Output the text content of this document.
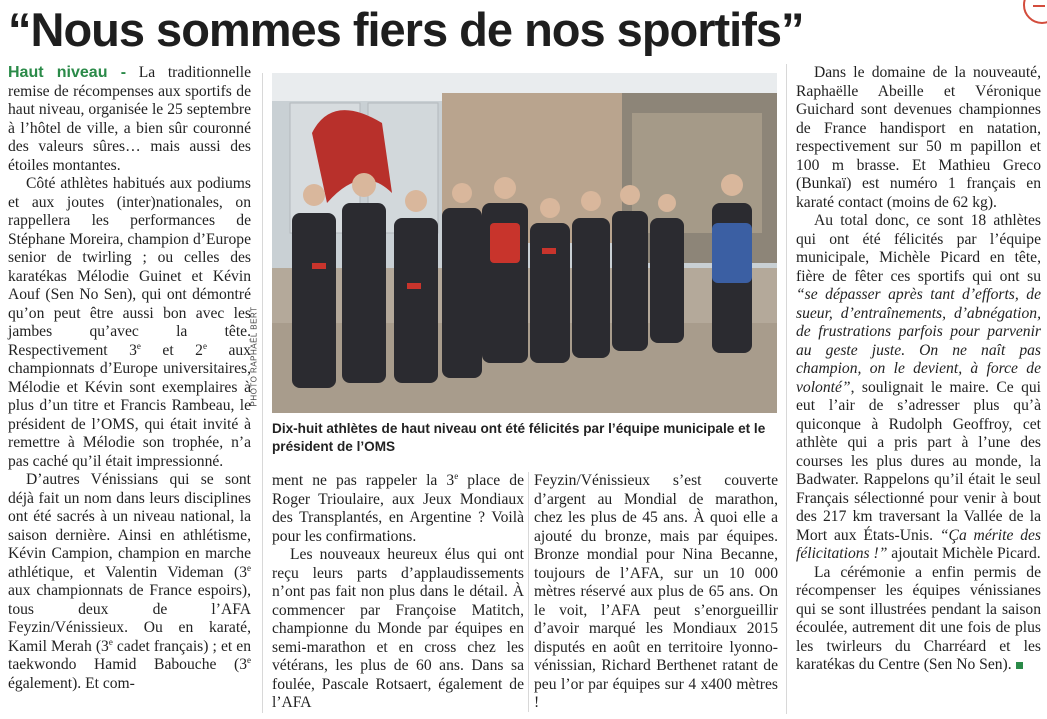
“Nous sommes fiers de nos sportifs”

Haut niveau - La traditionnelle remise de récompenses aux sportifs de haut niveau, organisée le 25 septembre à l’hôtel de ville, a bien sûr couronné des valeurs sûres… mais aussi des étoiles montantes.

Côté athlètes habitués aux podiums et aux joutes (inter)nationales, on rappellera les performances de Stéphane Moreira, champion d’Europe senior de twirling ; ou celles des karatékas Mélodie Guinet et Kévin Aouf (Sen No Sen), qui ont démontré qu’on peut être aussi bon avec les jambes qu’avec la tête. Respectivement 3e et 2e aux championnats d’Europe universitaires, Mélodie et Kévin sont exemplaires à plus d’un titre et Francis Rambeau, le président de l’OMS, qui était invité à remettre à Mélodie son trophée, n’a pas caché qu’il était impressionné.

D’autres Vénissians qui se sont déjà fait un nom dans leurs disciplines ont été sacrés à un niveau national, la saison dernière. Ainsi en athlétisme, Kévin Campion, champion en marche athlétique, et Valentin Videman (3e aux championnats de France espoirs), tous deux de l’AFA Feyzin/Vénissieux. Ou en karaté, Kamil Merah (3e cadet français) ; et en taekwondo Hamid Babouche (3e également). Et com-

PHOTO RAPHAËL BERT

Dix-huit athlètes de haut niveau ont été félicités par l’équipe municipale et le président de l’OMS

ment ne pas rappeler la 3e place de Roger Trioulaire, aux Jeux Mondiaux des Transplantés, en Argentine ? Voilà pour les confirmations.

Les nouveaux heureux élus qui ont reçu leurs parts d’applaudissements n’ont pas fait non plus dans le détail. À commencer par Françoise Matitch, championne du Monde par équipes en semi-marathon et en cross chez les vétérans, les plus de 60 ans. Dans sa foulée, Pascale Rotsaert, également de l’AFA

Feyzin/Vénissieux s’est couverte d’argent au Mondial de marathon, chez les plus de 45 ans. À quoi elle a ajouté du bronze, mais par équipes. Bronze mondial pour Nina Becanne, toujours de l’AFA, sur un 10 000 mètres réservé aux plus de 65 ans. On le voit, l’AFA peut s’enorgueillir d’avoir marqué les Mondiaux 2015 disputés en août en territoire lyonno-vénissian, Richard Berthenet ratant de peu l’or par équipes sur 4 x400 mètres !

Dans le domaine de la nouveauté, Raphaëlle Abeille et Véronique Guichard sont devenues championnes de France handisport en natation, respectivement sur 50 m papillon et 100 m brasse. Et Mathieu Greco (Bunkaï) est numéro 1 français en karaté contact (moins de 62 kg).

Au total donc, ce sont 18 athlètes qui ont été félicités par l’équipe municipale, Michèle Picard en tête, fière de fêter ces sportifs qui ont su “se dépasser après tant d’efforts, de sueur, d’entraînements, d’abnégation, de frustrations parfois pour parvenir au geste juste. On ne naît pas champion, on le devient, à force de volonté”, soulignait le maire. Ce qui eut l’air de s’adresser plus qu’à quiconque à Rudolph Geoffroy, cet athlète qui a pris part à l’une des courses les plus dures au monde, la Badwater. Rappelons qu’il était le seul Français sélectionné pour venir à bout des 217 km traversant la Vallée de la Mort aux États-Unis. “Ça mérite des félicitations !” ajoutait Michèle Picard.

La cérémonie a enfin permis de récompenser les équipes vénissianes qui se sont illustrées pendant la saison écoulée, autrement dit une fois de plus les twirleurs du Charréard et les karatékas du Centre (Sen No Sen).
